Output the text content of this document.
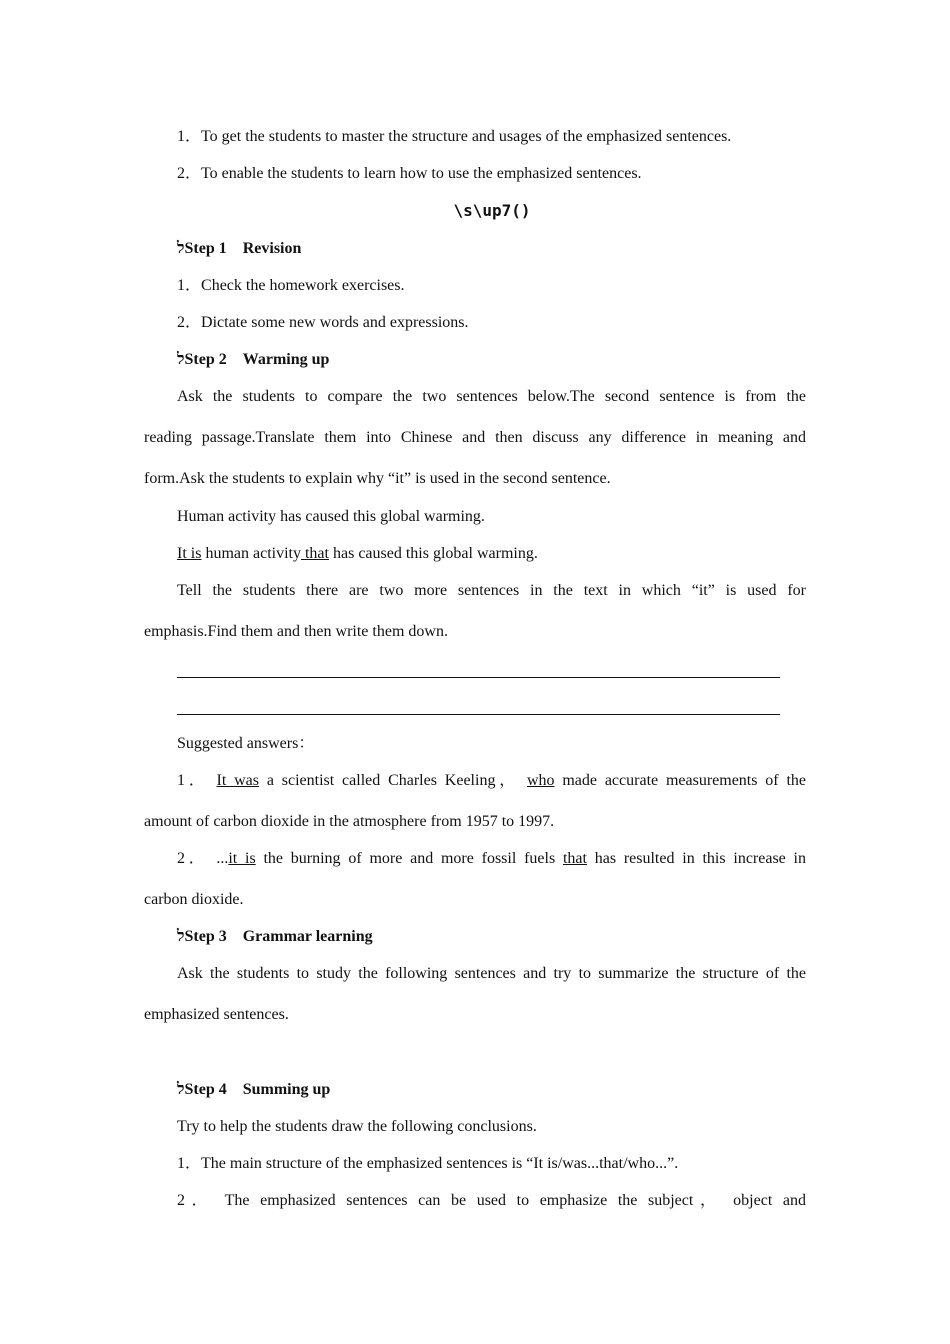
1．To get the students to master the structure and usages of the emphasized sentences.
2．To enable the students to learn how to use the emphasized sentences.
\s\up7()
לStep 1 Revision
1．Check the homework exercises.
2．Dictate some new words and expressions.
לStep 2 Warming up
Ask the students to compare the two sentences below.The second sentence is from the
reading passage.Translate them into Chinese and then discuss any difference in meaning and
form.Ask the students to explain why “it” is used in the second sentence.
Human activity has caused this global warming.
It is human activity that has caused this global warming.
Tell the students there are two more sentences in the text in which “it” is used for
emphasis.Find them and then write them down.
Suggested answers：
1． It was a scientist called Charles Keeling， who made accurate measurements of the
amount of carbon dioxide in the atmosphere from 1957 to 1997.
2． ...it is the burning of more and more fossil fuels that has resulted in this increase in
carbon dioxide.
לStep 3 Grammar learning
Ask the students to study the following sentences and try to summarize the structure of the
emphasized sentences.
לStep 4 Summing up
Try to help the students draw the following conclusions.
1．The main structure of the emphasized sentences is “It is/was...that/who...”.
2． The emphasized sentences can be used to emphasize the subject， object and
